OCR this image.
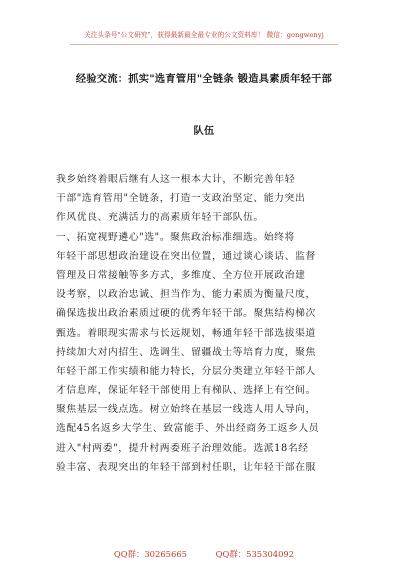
关注头条号"公文研究"，获得最新最全最专业的公文资料库！ 微信：gongwenyj
经验交流：抓实"选育管用"全链条 锻造具素质年轻干部
队伍
我乡始终着眼后继有人这一根本大计，不断完善年轻
干部"选育管用"全链条，打造一支政治坚定、能力突出
作风优良、充满活力的高素质年轻干部队伍。
一、拓宽视野遴心"选"。聚焦政治标准细选。始终将
年轻干部思想政治建设在突出位置，通过谈心谈话、监督
管理及日常接触等多方式，多维度、全方位开展政治建
设考察，以政治忠诚、担当作为、能力素质为衡量尺度，
确保选拔出政治素质过硬的优秀年轻干部。聚焦结构梯次
甄选。着眼现实需求与长远规划，畅通年轻干部选拔渠道
持续加大对内招生、选调生、留疆战士等培育力度，聚焦
年轻干部工作实绩和能力特长，分层分类建立年轻干部人
才信息库，保证年轻干部使用上有梯队、选择上有空间。
聚焦基层一线点选。树立始终在基层一线选人用人导向，
选配45名返乡大学生、致富能手、外出经商务工返乡人员
进入"村两委"，提升村两委班子治理效能。选派18名经
验丰富、表现突出的年轻干部到村任职，让年轻干部在服
QQ群：30265665	QQ群：535304092
